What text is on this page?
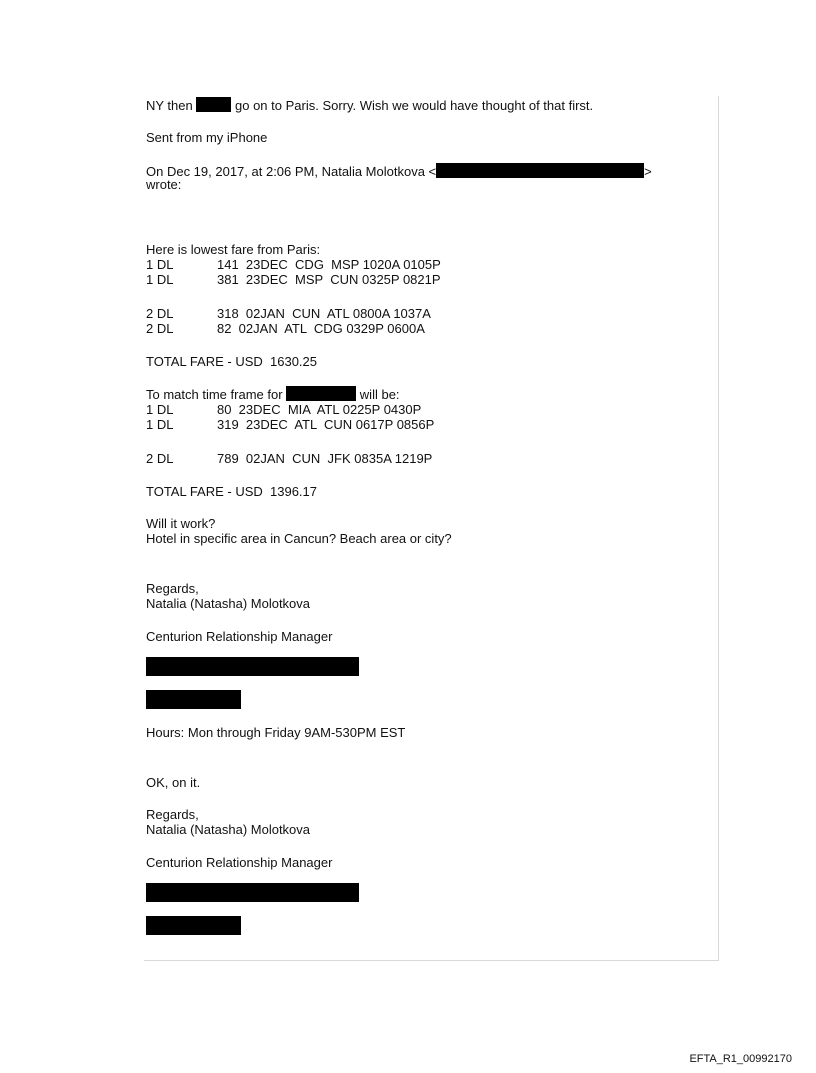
NY then	go on to Paris. Sorry. Wish we would have thought of that first.

Sent from my iPhone

On Dec 19, 2017, at 2:06 PM, Natalia Molotkova <	>

wrote:

Here is lowest fare from Paris:

1 DL	141  23DEC  CDG  MSP 1020A 0105P
1 DL	381  23DEC  MSP  CUN 0325P 0821P
2 DL	318  02JAN  CUN  ATL 0800A 1037A
2 DL	82  02JAN  ATL  CDG 0329P 0600A

TOTAL FARE - USD  1630.25

To match time frame for	will be:

1 DL	80  23DEC  MIA  ATL 0225P 0430P
1 DL	319  23DEC  ATL  CUN 0617P 0856P
2 DL	789  02JAN  CUN  JFK 0835A 1219P

TOTAL FARE - USD  1396.17

Will it work?

Hotel in specific area in Cancun? Beach area or city?

Regards,

Natalia (Natasha) Molotkova

Centurion Relationship Manager

Hours: Mon through Friday 9AM-530PM EST

OK, on it.

Regards,

Natalia (Natasha) Molotkova

Centurion Relationship Manager

EFTA_R1_00992170
